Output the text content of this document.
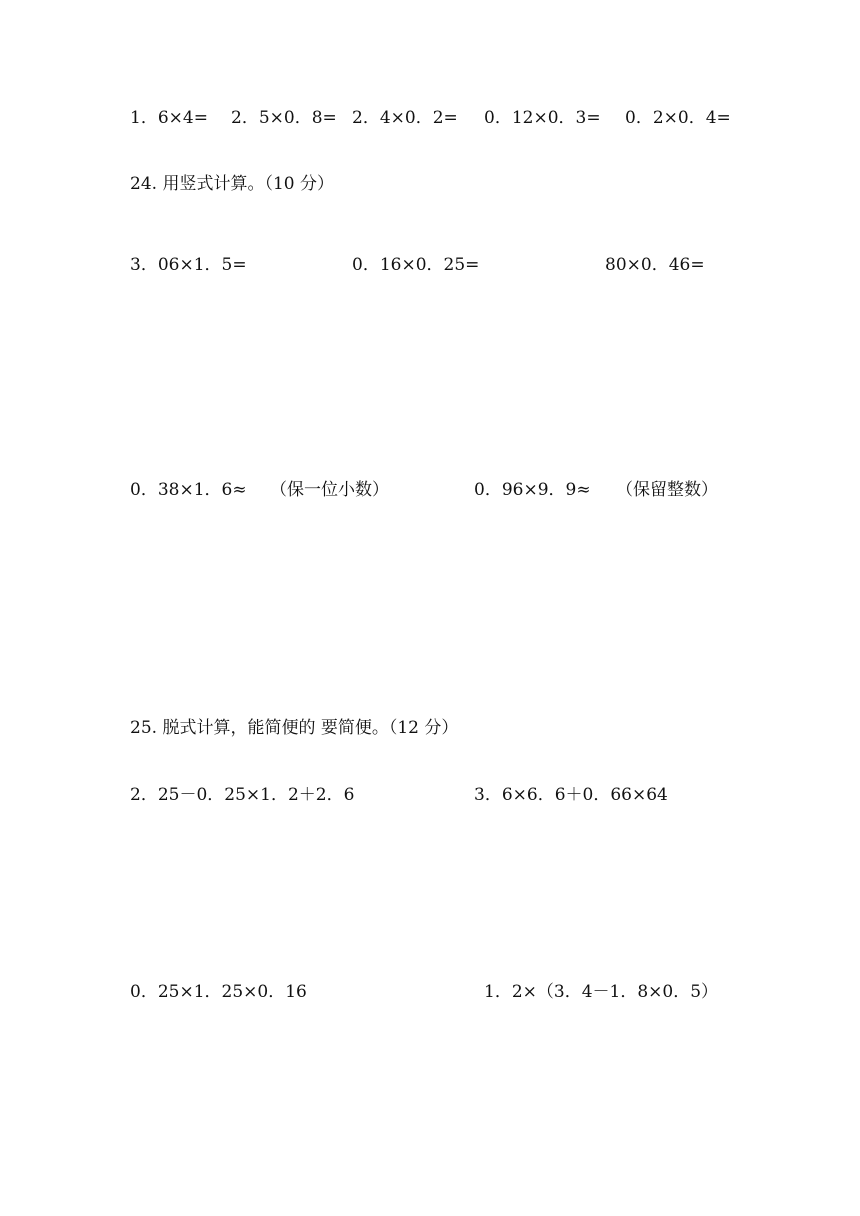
1．6×4= 2．5×0．8= 2．4×0．2= 0．12×0．3= 0．2×0．4=
24. 用竖式计算。（10 分）
3．06×1．5=	0．16×0．25=	80×0．46=
0．38×1．6≈ （保一位小数）	0．96×9．9≈ （保留整数）
25. 脱式计算，能简便的 要简便。（12 分）
2．25－0．25×1．2＋2．6	3．6×6．6＋0．66×64
0．25×1．25×0．16	1．2×（3．4－1．8×0．5）
